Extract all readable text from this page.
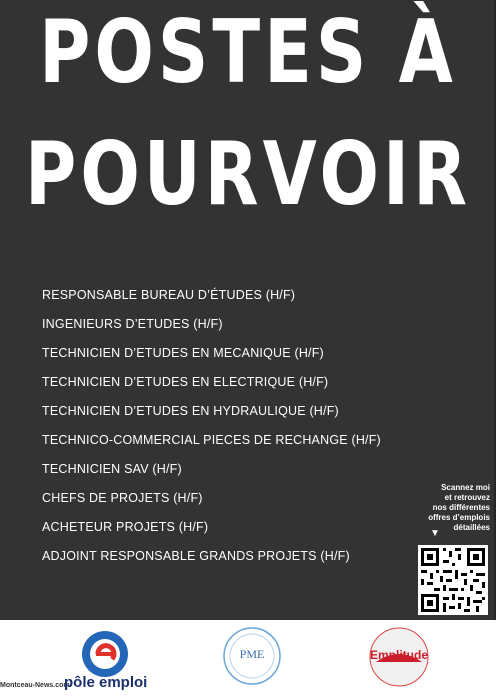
POSTES À
POURVOIR
RESPONSABLE BUREAU D’ÉTUDES (H/F)
INGENIEURS D’ETUDES (H/F)
TECHNICIEN D’ETUDES EN MECANIQUE (H/F)
TECHNICIEN D’ETUDES EN ELECTRIQUE (H/F)
TECHNICIEN D’ETUDES EN HYDRAULIQUE (H/F)
TECHNICO-COMMERCIAL PIECES DE RECHANGE (H/F)
TECHNICIEN SAV (H/F)
CHEFS DE PROJETS (H/F)
ACHETEUR PROJETS (H/F)
ADJOINT RESPONSABLE GRANDS PROJETS (H/F)
Scannez moi
et retrouvez
nos différentes
offres d’emplois
détaillées
▼
Montceau-News.com
pôle emploi
PME	Emplitude
